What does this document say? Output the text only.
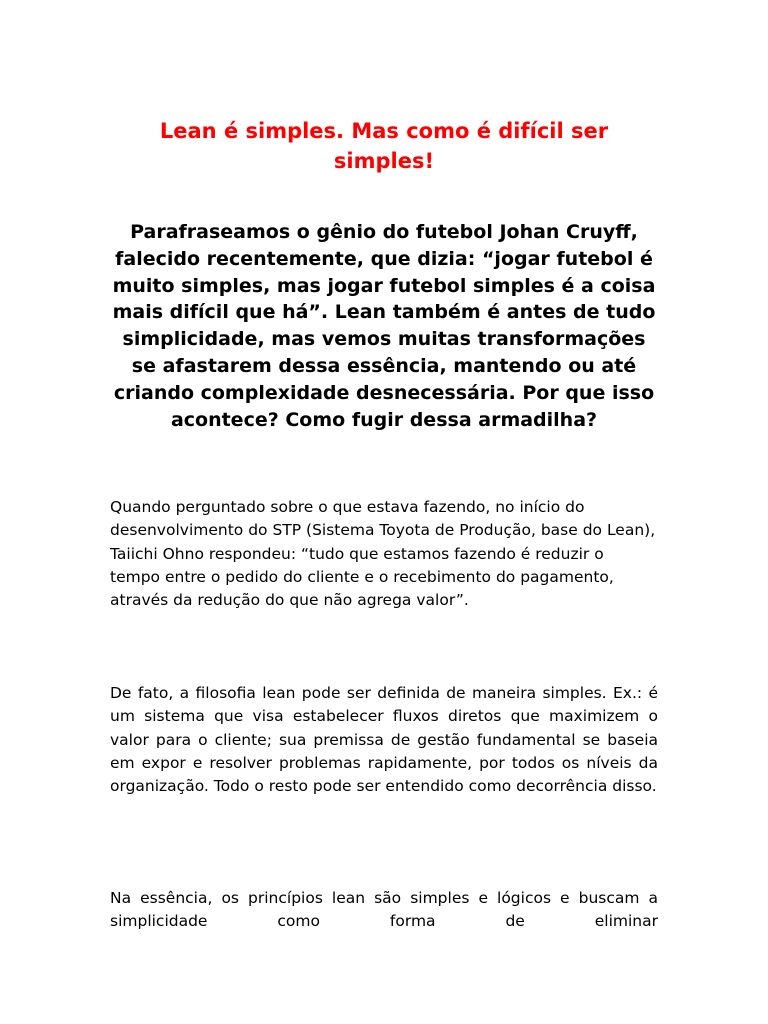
Lean é simples. Mas como é difícil ser simples!

Parafraseamos o gênio do futebol Johan Cruyff, falecido recentemente, que dizia: “jogar futebol é muito simples, mas jogar futebol simples é a coisa mais difícil que há”. Lean também é antes de tudo simplicidade, mas vemos muitas transformações se afastarem dessa essência, mantendo ou até criando complexidade desnecessária. Por que isso acontece? Como fugir dessa armadilha?

Quando perguntado sobre o que estava fazendo, no início do desenvolvimento do STP (Sistema Toyota de Produção, base do Lean), Taiichi Ohno respondeu: “tudo que estamos fazendo é reduzir o tempo entre o pedido do cliente e o recebimento do pagamento, através da redução do que não agrega valor”.

De fato, a filosofia lean pode ser definida de maneira simples. Ex.: é um sistema que visa estabelecer fluxos diretos que maximizem o valor para o cliente; sua premissa de gestão fundamental se baseia em expor e resolver problemas rapidamente, por todos os níveis da organização. Todo o resto pode ser entendido como decorrência disso.

Na essência, os princípios lean são simples e lógicos e buscam a simplicidade como forma de eliminar
